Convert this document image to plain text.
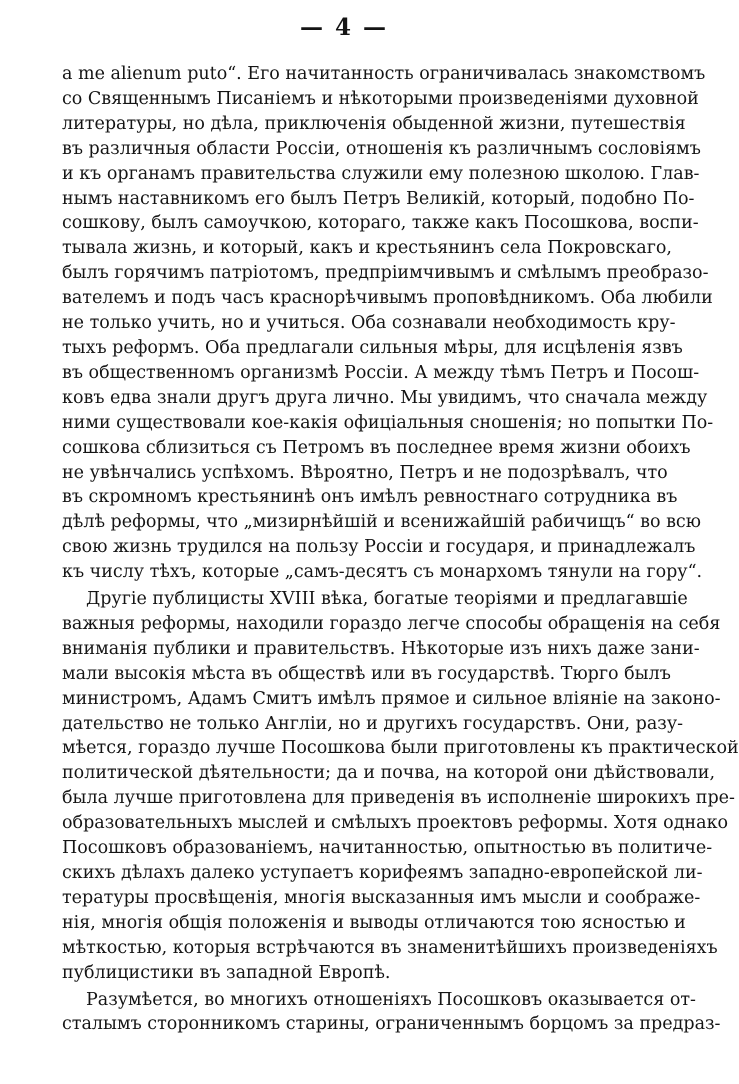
— 4 —
a me alienum puto“. Его начитанность ограничивалась знакомствомъ
со Священнымъ Писаніемъ и нѣкоторыми произведеніями духовной
литературы, но дѣла, приключенія обыденной жизни, путешествія
въ различныя области Россіи, отношенія къ различнымъ сословіямъ
и къ органамъ правительства служили ему полезною школою. Глав-
нымъ наставникомъ его былъ Петръ Великій, который, подобно По-
сошкову, былъ самоучкою, котораго, также какъ Посошкова, воспи-
тывала жизнь, и который, какъ и крестьянинъ села Покровскаго,
былъ горячимъ патріотомъ, предпріимчивымъ и смѣлымъ преобразо-
вателемъ и подъ часъ краснорѣчивымъ проповѣдникомъ. Оба любили
не только учить, но и учиться. Оба сознавали необходимость кру-
тыхъ реформъ. Оба предлагали сильныя мѣры, для исцѣленія язвъ
въ общественномъ организмѣ Россіи. А между тѣмъ Петръ и Посош-
ковъ едва знали другъ друга лично. Мы увидимъ, что сначала между
ними существовали кое-какія офиціальныя сношенія; но попытки По-
сошкова сблизиться съ Петромъ въ последнее время жизни обоихъ
не увѣнчались успѣхомъ. Вѣроятно, Петръ и не подозрѣвалъ, что
въ скромномъ крестьянинѣ онъ имѣлъ ревностнаго сотрудника въ
дѣлѣ реформы, что „мизирнѣйшій и всенижайшій рабичищъ“ во всю
свою жизнь трудился на пользу Россіи и государя, и принадлежалъ
къ числу тѣхъ, которые „самъ-десятъ съ монархомъ тянули на гору“.
Другіе публицисты XVIII вѣка, богатые теоріями и предлагавшіе
важныя реформы, находили гораздо легче способы обращенія на себя
вниманія публики и правительствъ. Нѣкоторые изъ нихъ даже зани-
мали высокія мѣста въ обществѣ или въ государствѣ. Тюрго былъ
министромъ, Адамъ Смитъ имѣлъ прямое и сильное вліяніе на законо-
дательство не только Англіи, но и другихъ государствъ. Они, разу-
мѣется, гораздо лучше Посошкова были приготовлены къ практической
политической дѣятельности; да и почва, на которой они дѣйствовали,
была лучше приготовлена для приведенія въ исполненіе широкихъ пре-
образовательныхъ мыслей и смѣлыхъ проектовъ реформы. Хотя однако
Посошковъ образованіемъ, начитанностью, опытностью въ политиче-
скихъ дѣлахъ далеко уступаетъ корифеямъ западно-европейской ли-
тературы просвѣщенія, многія высказанныя имъ мысли и соображе-
нія, многія общія положенія и выводы отличаются тою ясностью и
мѣткостью, которыя встрѣчаются въ знаменитѣйшихъ произведеніяхъ
публицистики въ западной Европѣ.
Разумѣется, во многихъ отношеніяхъ Посошковъ оказывается от-
сталымъ сторонникомъ старины, ограниченнымъ борцомъ за предраз-
